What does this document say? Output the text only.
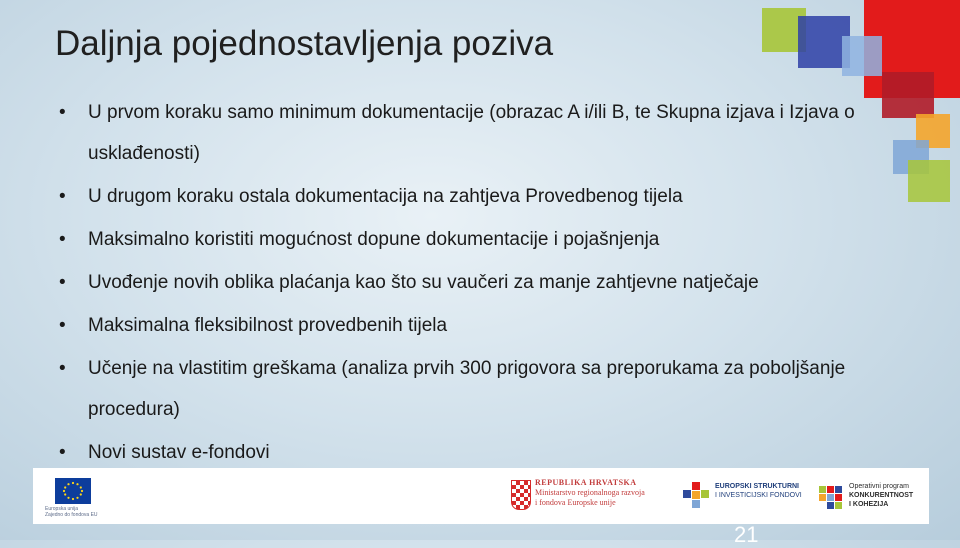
Daljnja pojednostavljenja poziva
• U prvom koraku samo minimum dokumentacije (obrazac A i/ili B, te Skupna izjava i Izjava o usklađenosti)
• U drugom koraku ostala dokumentacija na zahtjeva Provedbenog tijela
• Maksimalno koristiti mogućnost dopune dokumentacije i pojašnjenja
• Uvođenje novih oblika plaćanja kao što su vaučeri za manje zahtjevne natječaje
• Maksimalna fleksibilnost provedbenih tijela
• Učenje na vlastitim greškama (analiza prvih 300 prigovora sa preporukama za poboljšanje procedura)
• Novi sustav e-fondovi
Europska unija
Zajedno do fondova EU
REPUBLIKA HRVATSKA
Ministarstvo regionalnoga razvoja
i fondova Europske unije
EUROPSKI STRUKTURNI
I INVESTICIJSKI FONDOVI
Operativni program
KONKURENTNOST
I KOHEZIJA
21
